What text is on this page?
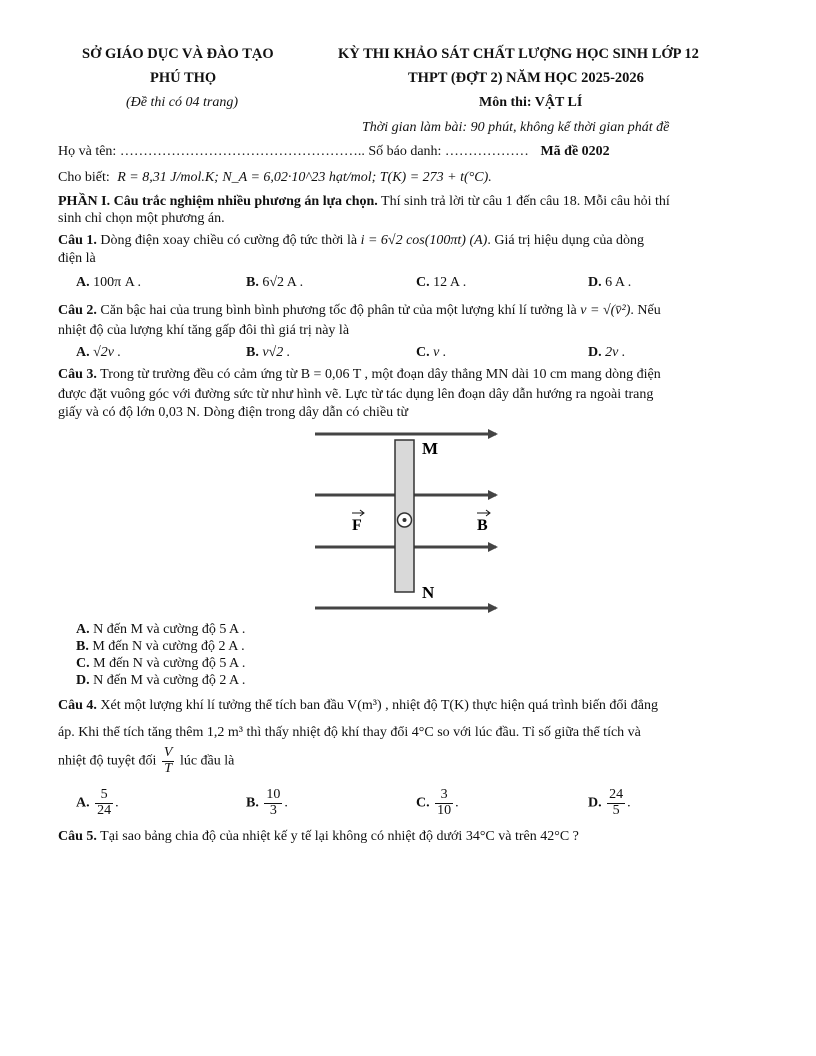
SỞ GIÁO DỤC VÀ ĐÀO TẠO
PHÚ THỌ
(Đề thi có 04 trang)
KỲ THI KHẢO SÁT CHẤT LƯỢNG HỌC SINH LỚP 12
THPT (ĐỢT 2) NĂM HỌC 2025-2026
Môn thi: VẬT LÍ
Thời gian làm bài: 90 phút, không kể thời gian phát đề
Họ và tên: …………………………………………….. Số báo danh: ……………… Mã đề 0202
Cho biết: R = 8,31 J/mol.K; N_A = 6,02·10^23 hạt/mol; T(K) = 273 + t(°C).
PHẦN I. Câu trắc nghiệm nhiều phương án lựa chọn. Thí sinh trả lời từ câu 1 đến câu 18. Mỗi câu hỏi thí
sinh chỉ chọn một phương án.
Câu 1. Dòng điện xoay chiều có cường độ tức thời là i = 6√2 cos(100πt) (A). Giá trị hiệu dụng của dòng
điện là
A. 100π A .	B. 6√2 A .	C. 12 A .	D. 6 A .
Câu 2. Căn bậc hai của trung bình bình phương tốc độ phân tử của một lượng khí lí tưởng là v = √(v̄²). Nếu
nhiệt độ của lượng khí tăng gấp đôi thì giá trị này là
A. √2v .	B. v√2 .	C. v .	D. 2v .
Câu 3. Trong từ trường đều có cảm ứng từ B = 0,06 T , một đoạn dây thẳng MN dài 10 cm mang dòng điện
được đặt vuông góc với đường sức từ như hình vẽ. Lực từ tác dụng lên đoạn dây dẫn hướng ra ngoài trang
giấy và có độ lớn 0,03 N. Dòng điện trong dây dẫn có chiều từ
M
N
F	B
A. N đến M và cường độ 5 A .
B. M đến N và cường độ 2 A .
C. M đến N và cường độ 5 A .
D. N đến M và cường độ 2 A .
Câu 4. Xét một lượng khí lí tưởng thể tích ban đầu V(m³) , nhiệt độ T(K) thực hiện quá trình biến đổi đẳng
áp. Khi thể tích tăng thêm 1,2 m³ thì thấy nhiệt độ khí thay đổi 4°C so với lúc đầu. Tỉ số giữa thể tích và
nhiệt độ tuyệt đối $\frac{V}{T}$ lúc đầu là
A. $\frac{5}{24}$ .	B. $\frac{10}{3}$ .	C. $\frac{3}{10}$ .	D. $\frac{24}{5}$ .
Câu 5. Tại sao bảng chia độ của nhiệt kế y tế lại không có nhiệt độ dưới 34°C và trên 42°C ?
